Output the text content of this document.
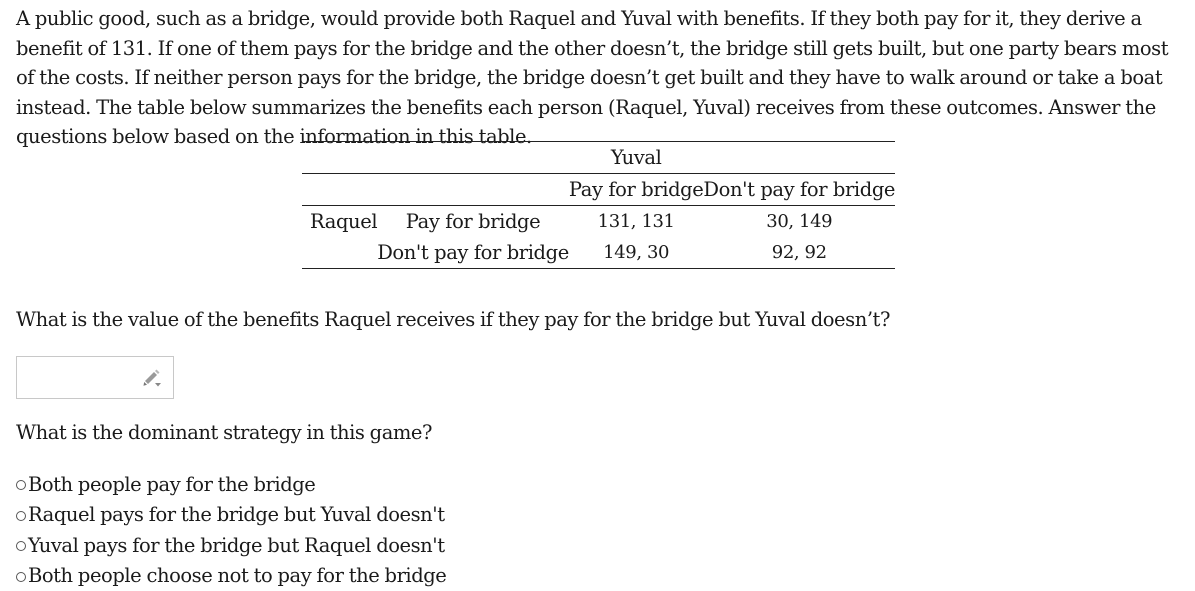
A public good, such as a bridge, would provide both Raquel and Yuval with benefits. If they both pay for it, they derive a benefit of 131. If one of them pays for the bridge and the other doesn’t, the bridge still gets built, but one party bears most of the costs. If neither person pays for the bridge, the bridge doesn’t get built and they have to walk around or take a boat instead. The table below summarizes the benefits each person (Raquel, Yuval) receives from these outcomes. Answer the questions below based on the information in this table.

		Yuval	
		Pay for bridge	Don't pay for bridge
Raquel	Pay for bridge	131, 131	30, 149
	Don't pay for bridge	149, 30	92, 92

What is the value of the benefits Raquel receives if they pay for the bridge but Yuval doesn’t?

What is the dominant strategy in this game?

Both people pay for the bridge
Raquel pays for the bridge but Yuval doesn't
Yuval pays for the bridge but Raquel doesn't
Both people choose not to pay for the bridge
